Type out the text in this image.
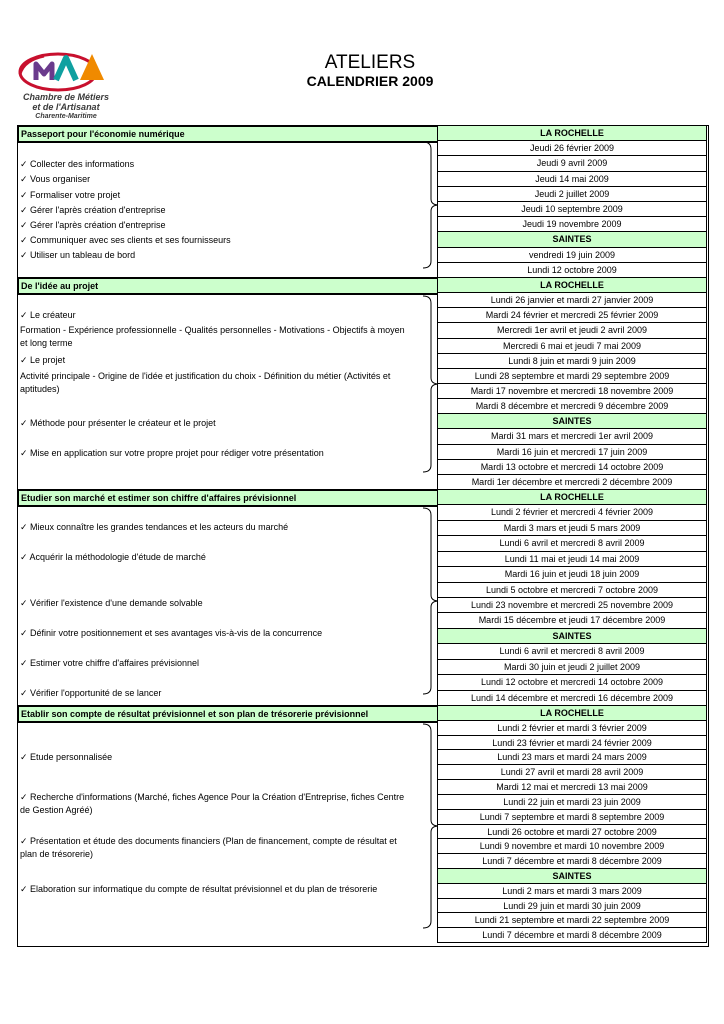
Chambre de Métiers
et de l'Artisanat
Charente-Maritime
ATELIERS
CALENDRIER 2009
Passeport pour l'économie numérique
✓ Collecter des informations
✓ Vous organiser
✓ Formaliser votre projet
✓ Gérer l'après création d'entreprise
✓ Gérer l'après création d'entreprise
✓ Communiquer avec ses clients et ses fournisseurs
✓ Utiliser un tableau de bord
De l'idée au projet
✓ Le créateur
Formation - Expérience professionnelle - Qualités personnelles - Motivations - Objectifs à moyen et long terme
✓ Le projet
Activité principale - Origine de l'idée et justification du choix - Définition du métier (Activités et aptitudes)
✓ Méthode pour présenter le créateur et le projet
✓ Mise en application sur votre propre projet pour rédiger votre présentation
Etudier son marché et estimer son chiffre d'affaires prévisionnel
✓ Mieux connaître les grandes tendances et les acteurs du marché
✓ Acquérir la méthodologie d'étude de marché
✓ Vérifier l'existence d'une demande solvable
✓ Définir votre positionnement et ses avantages vis-à-vis de la concurrence
✓ Estimer votre chiffre d'affaires prévisionnel
✓ Vérifier l'opportunité de se lancer
Etablir son compte de résultat prévisionnel et son plan de trésorerie prévisionnel
✓ Etude personnalisée
✓ Recherche d'informations (Marché, fiches Agence Pour la Création d'Entreprise, fiches Centre de Gestion Agréé)
✓ Présentation et étude des documents financiers (Plan de financement, compte de résultat et plan de trésorerie)
✓ Elaboration sur informatique du compte de résultat prévisionnel et du plan de trésorerie
LA ROCHELLE
Jeudi 26 février 2009
Jeudi 9 avril 2009
Jeudi 14 mai 2009
Jeudi 2 juillet 2009
Jeudi 10 septembre 2009
Jeudi 19 novembre 2009
SAINTES
vendredi 19 juin 2009
Lundi 12 octobre 2009
LA ROCHELLE
Lundi 26 janvier et mardi 27 janvier 2009
Mardi 24 février et mercredi 25 février 2009
Mercredi 1er avril et jeudi 2 avril 2009
Mercredi 6 mai et jeudi 7 mai 2009
Lundi 8 juin et mardi 9 juin 2009
Lundi 28 septembre et mardi 29 septembre 2009
Mardi 17 novembre et mercredi 18 novembre 2009
Mardi 8 décembre et mercredi 9 décembre 2009
SAINTES
Mardi 31 mars et mercredi 1er avril 2009
Mardi 16 juin et mercredi 17 juin 2009
Mardi 13 octobre et mercredi 14 octobre 2009
Mardi 1er décembre et mercredi 2 décembre 2009
LA ROCHELLE
Lundi 2 février et mercredi 4 février 2009
Mardi 3 mars et jeudi 5 mars 2009
Lundi 6 avril et mercredi 8 avril 2009
Lundi 11 mai et jeudi 14 mai 2009
Mardi 16 juin et jeudi 18 juin 2009
Lundi 5 octobre et mercredi 7 octobre 2009
Lundi 23 novembre et mercredi 25 novembre 2009
Mardi 15 décembre et jeudi 17 décembre 2009
SAINTES
Lundi 6 avril et mercredi 8 avril 2009
Mardi 30 juin et jeudi 2 juillet 2009
Lundi 12 octobre et mercredi 14 octobre 2009
Lundi 14 décembre et mercredi 16 décembre 2009
LA ROCHELLE
Lundi 2 février et mardi 3 février 2009
Lundi 23 février et mardi 24 février 2009
Lundi 23 mars et mardi 24 mars 2009
Lundi 27 avril et mardi 28 avril 2009
Mardi 12 mai et mercredi 13 mai 2009
Lundi 22 juin et mardi 23 juin 2009
Lundi 7 septembre et mardi 8 septembre 2009
Lundi 26 octobre et mardi 27 octobre 2009
Lundi 9 novembre et mardi 10 novembre 2009
Lundi 7 décembre et mardi 8 décembre 2009
SAINTES
Lundi 2 mars et mardi 3 mars 2009
Lundi 29 juin et mardi 30 juin 2009
Lundi 21 septembre et mardi 22 septembre 2009
Lundi 7 décembre et mardi 8 décembre 2009
